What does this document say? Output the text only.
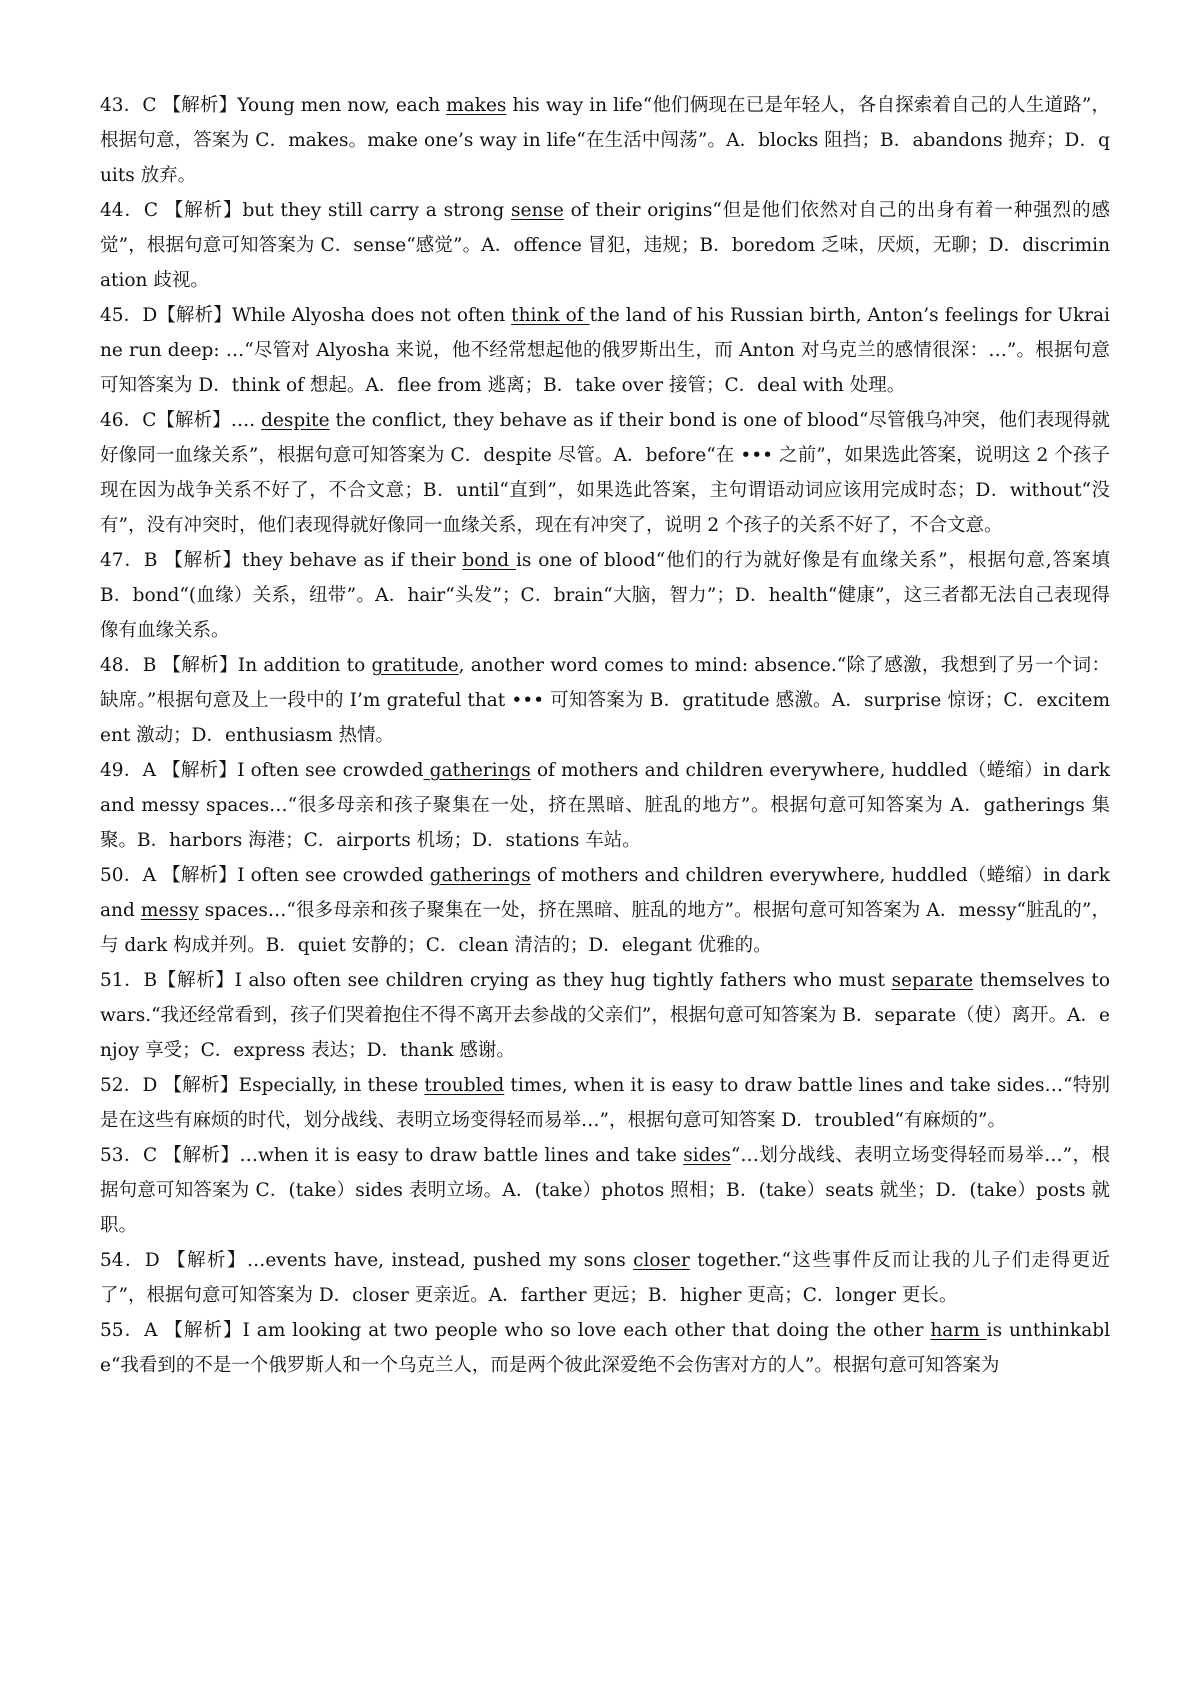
43．C 【解析】Young men now, each makes his way in life“他们俩现在已是年轻人，各自探索着自己的人生道路”，根据句意，答案为 C．makes。make one’s way in life“在生活中闯荡”。A．blocks 阻挡；B．abandons 抛弃；D．quits 放弃。

44．C 【解析】but they still carry a strong sense of their origins“但是他们依然对自己的出身有着一种强烈的感觉”，根据句意可知答案为 C．sense“感觉”。A．offence 冒犯，违规；B．boredom 乏味，厌烦，无聊；D．discrimination 歧视。

45．D【解析】While Alyosha does not often think of the land of his Russian birth, Anton’s feelings for Ukraine run deep: …“尽管对 Alyosha 来说，他不经常想起他的俄罗斯出生，而 Anton 对乌克兰的感情很深：…”。根据句意可知答案为 D．think of 想起。A．flee from 逃离；B．take over 接管；C．deal with 处理。

46．C【解析】…. despite the conflict, they behave as if their bond is one of blood“尽管俄乌冲突，他们表现得就好像同一血缘关系”，根据句意可知答案为 C．despite 尽管。A．before“在 ••• 之前”，如果选此答案，说明这 2 个孩子现在因为战争关系不好了，不合文意；B．until“直到”，如果选此答案，主句谓语动词应该用完成时态；D．without“没有”，没有冲突时，他们表现得就好像同一血缘关系，现在有冲突了，说明 2 个孩子的关系不好了，不合文意。

47．B 【解析】they behave as if their bond is one of blood“他们的行为就好像是有血缘关系”，根据句意,答案填 B．bond“(血缘）关系，纽带”。A．hair“头发”；C．brain“大脑，智力”；D．health“健康”，这三者都无法自己表现得像有血缘关系。

48．B 【解析】In addition to gratitude, another word comes to mind: absence.“除了感激，我想到了另一个词：缺席。”根据句意及上一段中的 I’m grateful that ••• 可知答案为 B．gratitude 感激。A．surprise 惊讶；C．excitement 激动；D．enthusiasm 热情。

49．A 【解析】I often see crowded gatherings of mothers and children everywhere, huddled（蜷缩）in dark and messy spaces…“很多母亲和孩子聚集在一处，挤在黑暗、脏乱的地方”。根据句意可知答案为 A．gatherings 集聚。B．harbors 海港；C．airports 机场；D．stations 车站。

50．A 【解析】I often see crowded gatherings of mothers and children everywhere, huddled（蜷缩）in dark and messy spaces…“很多母亲和孩子聚集在一处，挤在黑暗、脏乱的地方”。根据句意可知答案为 A．messy“脏乱的”，与 dark 构成并列。B．quiet 安静的；C．clean 清洁的；D．elegant 优雅的。

51．B【解析】I also often see children crying as they hug tightly fathers who must separate themselves to wars.“我还经常看到，孩子们哭着抱住不得不离开去参战的父亲们”，根据句意可知答案为 B．separate（使）离开。A．enjoy 享受；C．express 表达；D．thank 感谢。

52．D 【解析】Especially, in these troubled times, when it is easy to draw battle lines and take sides…“特别是在这些有麻烦的时代，划分战线、表明立场变得轻而易举…”，根据句意可知答案 D．troubled“有麻烦的”。

53．C 【解析】…when it is easy to draw battle lines and take sides“…划分战线、表明立场变得轻而易举…”，根据句意可知答案为 C．(take）sides 表明立场。A．(take）photos 照相；B．(take）seats 就坐；D．(take）posts 就职。

54．D 【解析】…events have, instead, pushed my sons closer together.“这些事件反而让我的儿子们走得更近了”，根据句意可知答案为 D．closer 更亲近。A．farther 更远；B．higher 更高；C．longer 更长。

55．A 【解析】I am looking at two people who so love each other that doing the other harm is unthinkable“我看到的不是一个俄罗斯人和一个乌克兰人，而是两个彼此深爱绝不会伤害对方的人”。根据句意可知答案为
